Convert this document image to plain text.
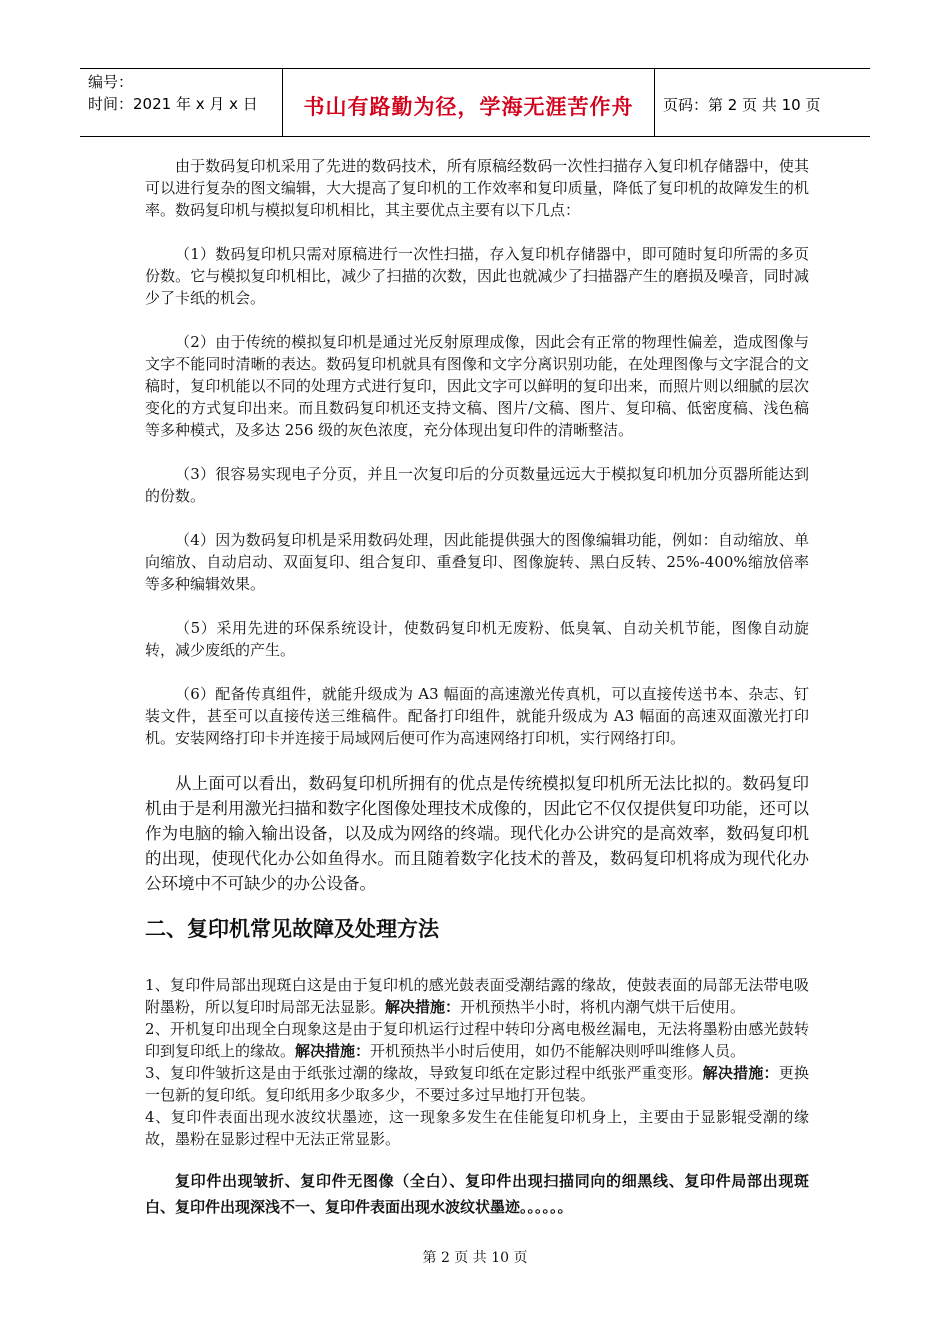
编号：
时间：2021 年 x 月 x 日	书山有路勤为径，学海无涯苦作舟 页码：第 2 页 共 10 页

由于数码复印机采用了先进的数码技术，所有原稿经数码一次性扫描存入复印机存储器中，使其可以进行复杂的图文编辑，大大提高了复印机的工作效率和复印质量，降低了复印机的故障发生的机率。数码复印机与模拟复印机相比，其主要优点主要有以下几点：

（1）数码复印机只需对原稿进行一次性扫描，存入复印机存储器中，即可随时复印所需的多页份数。它与模拟复印机相比，减少了扫描的次数，因此也就减少了扫描器产生的磨损及噪音，同时减少了卡纸的机会。

（2）由于传统的模拟复印机是通过光反射原理成像，因此会有正常的物理性偏差，造成图像与文字不能同时清晰的表达。数码复印机就具有图像和文字分离识别功能，在处理图像与文字混合的文稿时，复印机能以不同的处理方式进行复印，因此文字可以鲜明的复印出来，而照片则以细腻的层次变化的方式复印出来。而且数码复印机还支持文稿、图片/文稿、图片、复印稿、低密度稿、浅色稿等多种模式，及多达 256 级的灰色浓度，充分体现出复印件的清晰整洁。

（3）很容易实现电子分页，并且一次复印后的分页数量远远大于模拟复印机加分页器所能达到的份数。

（4）因为数码复印机是采用数码处理，因此能提供强大的图像编辑功能，例如：自动缩放、单向缩放、自动启动、双面复印、组合复印、重叠复印、图像旋转、黑白反转、25%-400%缩放倍率等多种编辑效果。

（5）采用先进的环保系统设计，使数码复印机无废粉、低臭氧、自动关机节能，图像自动旋转，减少废纸的产生。

（6）配备传真组件，就能升级成为 A3 幅面的高速激光传真机，可以直接传送书本、杂志、钉装文件，甚至可以直接传送三维稿件。配备打印组件，就能升级成为 A3 幅面的高速双面激光打印机。安装网络打印卡并连接于局域网后便可作为高速网络打印机，实行网络打印。

从上面可以看出，数码复印机所拥有的优点是传统模拟复印机所无法比拟的。数码复印机由于是利用激光扫描和数字化图像处理技术成像的，因此它不仅仅提供复印功能，还可以作为电脑的输入输出设备，以及成为网络的终端。现代化办公讲究的是高效率，数码复印机的出现，使现代化办公如鱼得水。而且随着数字化技术的普及，数码复印机将成为现代化办公环境中不可缺少的办公设备。

二、复印机常见故障及处理方法

1、复印件局部出现斑白这是由于复印机的感光鼓表面受潮结露的缘故，使鼓表面的局部无法带电吸附墨粉，所以复印时局部无法显影。解决措施：开机预热半小时，将机内潮气烘干后使用。

2、开机复印出现全白现象这是由于复印机运行过程中转印分离电极丝漏电，无法将墨粉由感光鼓转印到复印纸上的缘故。解决措施：开机预热半小时后使用，如仍不能解决则呼叫维修人员。

3、复印件皱折这是由于纸张过潮的缘故，导致复印纸在定影过程中纸张严重变形。解决措施：更换一包新的复印纸。复印纸用多少取多少，不要过多过早地打开包装。

4、复印件表面出现水波纹状墨迹，这一现象多发生在佳能复印机身上，主要由于显影辊受潮的缘故，墨粉在显影过程中无法正常显影。

复印件出现皱折、复印件无图像（全白）、复印件出现扫描同向的细黑线、复印件局部出现斑白、复印件出现深浅不一、复印件表面出现水波纹状墨迹。。。。。。

第 2 页 共 10 页
